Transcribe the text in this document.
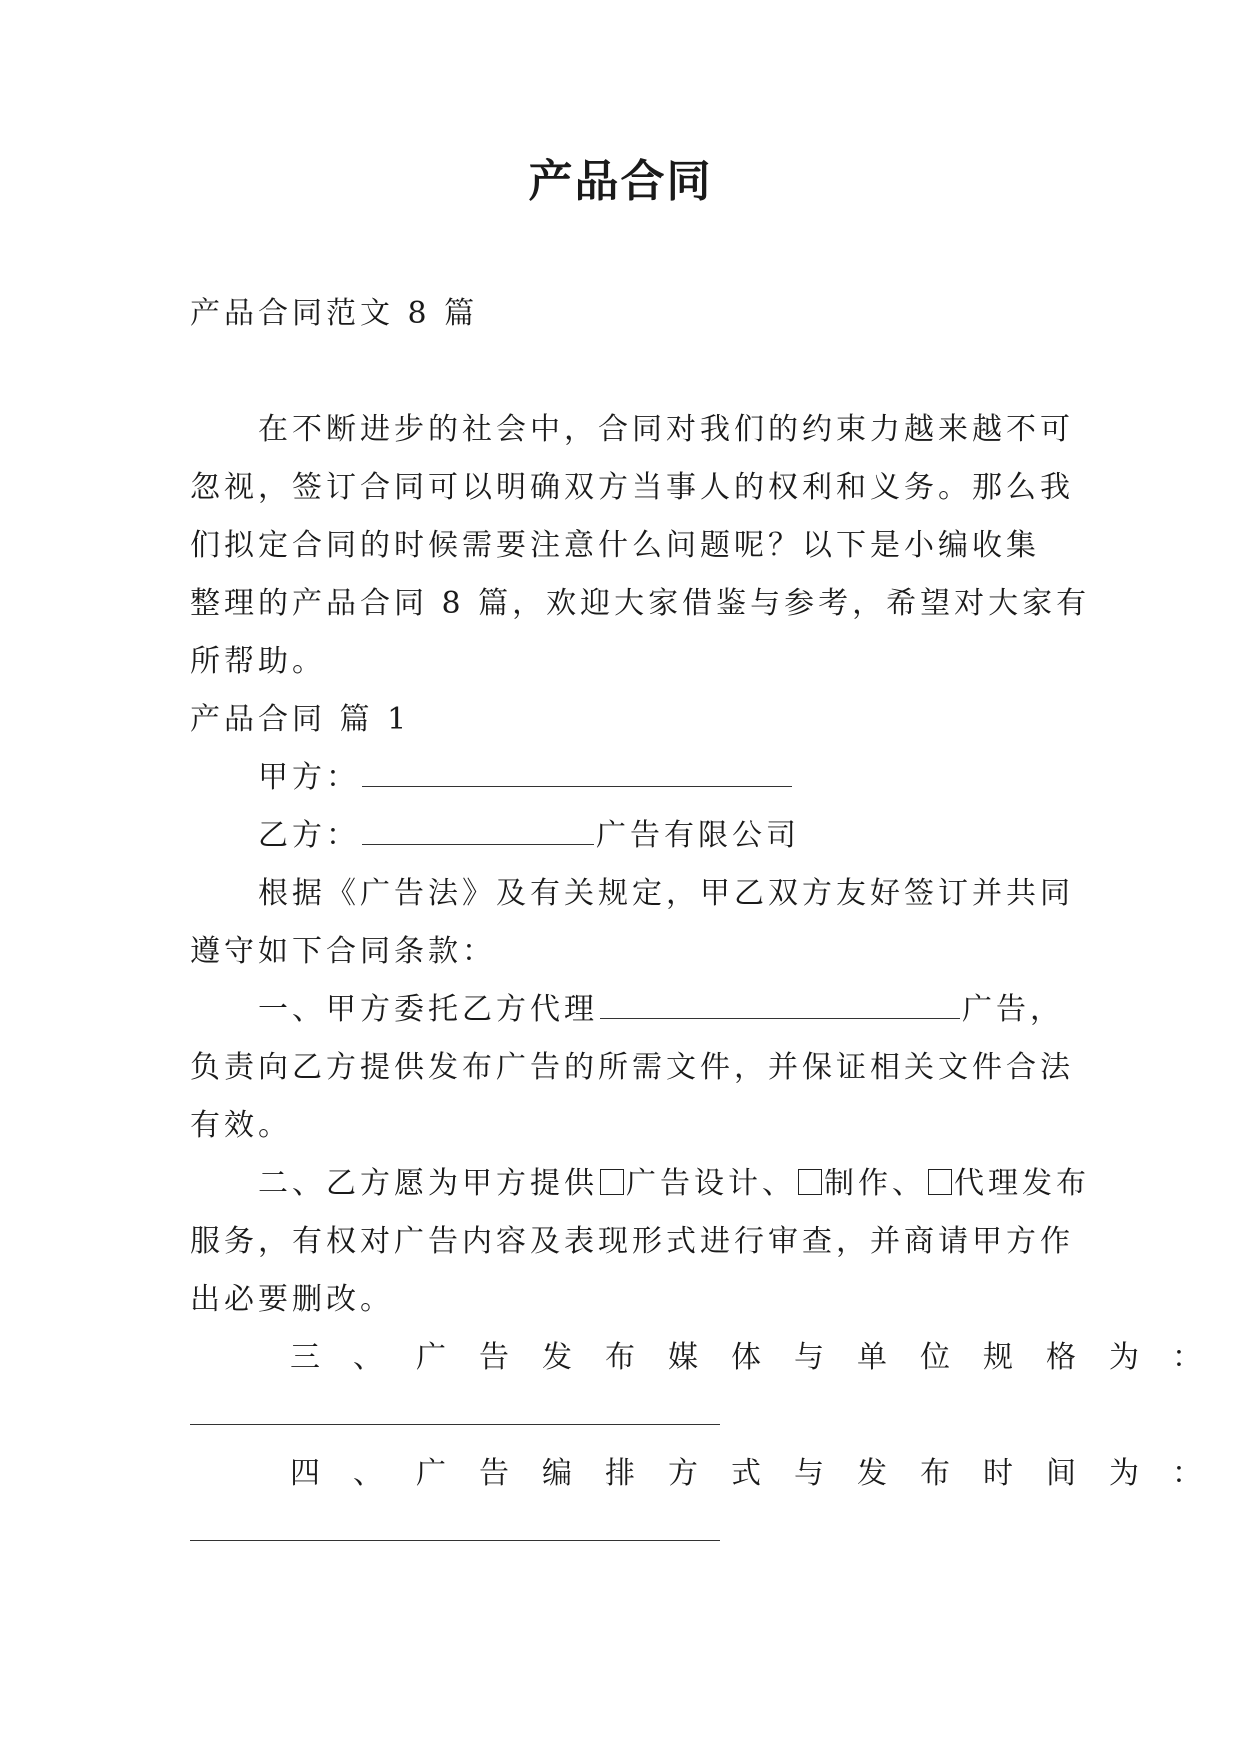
产品合同
产品合同范文 8 篇
在不断进步的社会中，合同对我们的约束力越来越不可
忽视，签订合同可以明确双方当事人的权利和义务。那么我
们拟定合同的时候需要注意什么问题呢？以下是小编收集
整理的产品合同 8 篇，欢迎大家借鉴与参考，希望对大家有
所帮助。
产品合同 篇 1
甲方：
乙方：	广告有限公司
根据《广告法》及有关规定，甲乙双方友好签订并共同
遵守如下合同条款：
一、甲方委托乙方代理	广告，
负责向乙方提供发布广告的所需文件，并保证相关文件合法
有效。
二、乙方愿为甲方提供 广告设计、 制作、 代理发布
服务，有权对广告内容及表现形式进行审查，并商请甲方作
出必要删改。
三、广告发布媒体与单位规格为：
四、广告编排方式与发布时间为：
